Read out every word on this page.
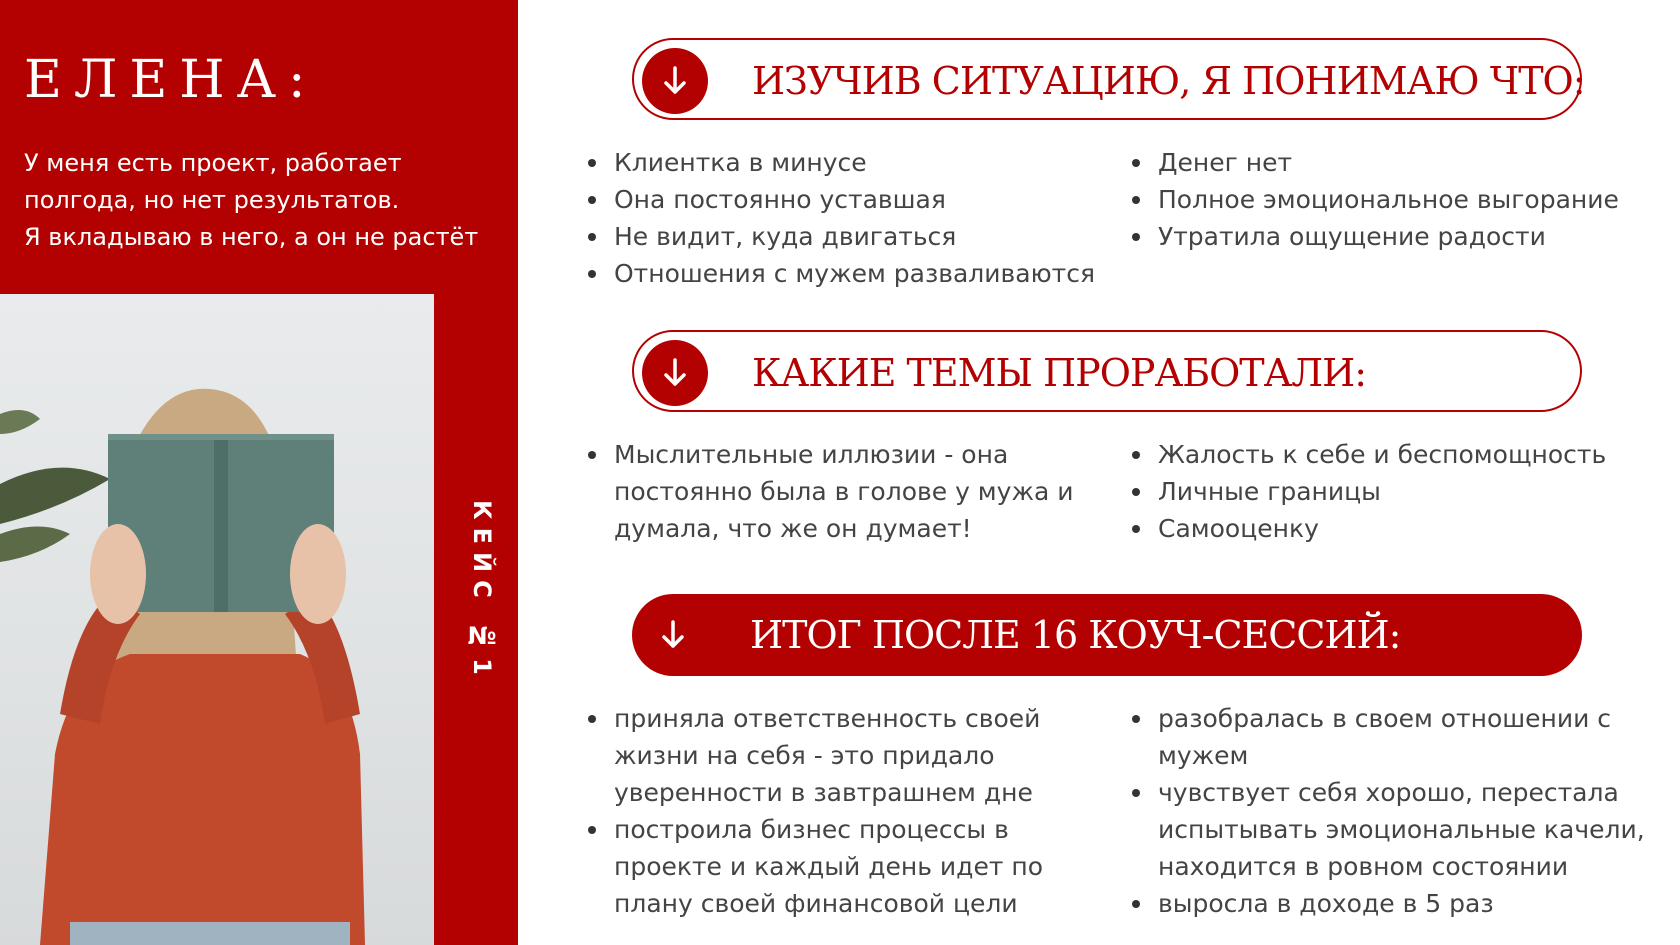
ЕЛЕНА:
У меня есть проект, работает
полгода, но нет результатов.
Я вкладываю в него, а он не растёт
КЕЙС №1
ИЗУЧИВ СИТУАЦИЮ, Я ПОНИМАЮ ЧТО:
Клиентка в минусе
Она постоянно уставшая
Не видит, куда двигаться
Отношения с мужем разваливаются
Денег нет
Полное эмоциональное выгорание
Утратила ощущение радости
КАКИЕ ТЕМЫ ПРОРАБОТАЛИ:
Мыслительные иллюзии - она постоянно была в голове у мужа и думала, что же он думает!
Жалость к себе и беспомощность
Личные границы
Самооценку
ИТОГ ПОСЛЕ 16 КОУЧ-СЕССИЙ:
приняла ответственность своей жизни на себя - это придало уверенности в завтрашнем дне
построила бизнес процессы в проекте и каждый день идет по плану своей финансовой цели
разобралась в своем отношении с мужем
чувствует себя хорошо, перестала испытывать эмоциональные качели, находится в ровном состоянии
выросла в доходе в 5 раз
